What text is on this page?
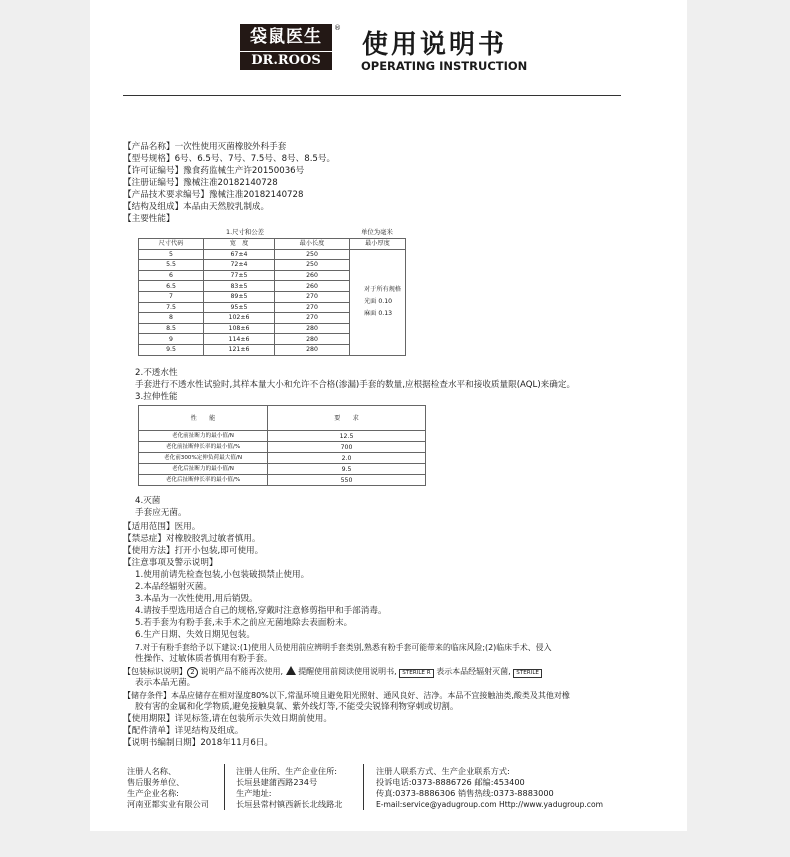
袋鼠医生
DR.ROOS
®
使用说明书
OPERATING INSTRUCTION
【产品名称】一次性使用灭菌橡胶外科手套
【型号规格】6号、6.5号、7号、7.5号、8号、8.5号。
【许可证编号】豫食药监械生产许20150036号
【注册证编号】豫械注准20182140728
【产品技术要求编号】豫械注准20182140728
【结构及组成】本品由天然胶乳制成。
【主要性能】
1.尺寸和公差	单位为毫米
尺寸代码	宽　度	最小长度	最小厚度
5	67±4	250	对于所有规格
光面 0.10
麻面 0.13

5.5	72±4	250	
6	77±5	260	
6.5	83±5	260	
7	89±5	270	
7.5	95±5	270	
8	102±6	270	
8.5	108±6	280	
9	114±6	280	
9.5	121±6	280	
2.不透水性
手套进行不透水性试验时,其样本量大小和允许不合格(渗漏)手套的数量,应根据检查水平和接收质量限(AQL)来确定。
3.拉伸性能
性　　能	要　　求
老化前扯断力的最小值/N	12.5
老化前扯断伸长率的最小值/%	700
老化前300%定伸负荷最大值/N	2.0
老化后扯断力的最小值/N	9.5
老化后扯断伸长率的最小值/%	550
4.灭菌
手套应无菌。
【适用范围】医用。
【禁忌症】对橡胶胶乳过敏者慎用。
【使用方法】打开小包装,即可使用。
【注意事项及警示说明】
1.使用前请先检查包装,小包装破损禁止使用。
2.本品经辐射灭菌。
3.本品为一次性使用,用后销毁。
4.请按手型选用适合自己的规格,穿戴时注意修剪指甲和手部消毒。
5.若手套为有粉手套,未手术之前应无菌地除去表面粉末。
6.生产日期、失效日期见包装。
7.对于有粉手套给予以下建议:(1)使用人员使用前应辨明手套类别,熟悉有粉手套可能带来的临床风险;(2)临床手术、侵入
性操作、过敏体质者慎用有粉手套。
【包装标识说明】 2 说明产品不能再次使用, 提醒使用前阅读使用说明书, STERILE R 表示本品经辐射灭菌, STERILE
表示本品无菌。
【储存条件】本品应储存在相对湿度80%以下,常温环境且避免阳光照射、通风良好、洁净。本品不宜接触油类,酸类及其他对橡
胶有害的金属和化学物质,避免接触臭氧、紫外线灯等,不能受尖锐锋利物穿刺或切割。
【使用期限】详见标签,请在包装所示失效日期前使用。
【配件清单】详见结构及组成。
【说明书编制日期】2018年11月6日。
注册人名称、
售后服务单位、
生产企业名称:
河南亚都实业有限公司
注册人住所、生产企业住所:
长垣县建蒲西路234号
生产地址:
长垣县常村镇西新长北线路北
注册人联系方式、生产企业联系方式:
投诉电话:0373-8886726 邮编:453400
传真:0373-8886306 销售热线:0373-8883000
E-mail:service@yadugroup.com Http://www.yadugroup.com
